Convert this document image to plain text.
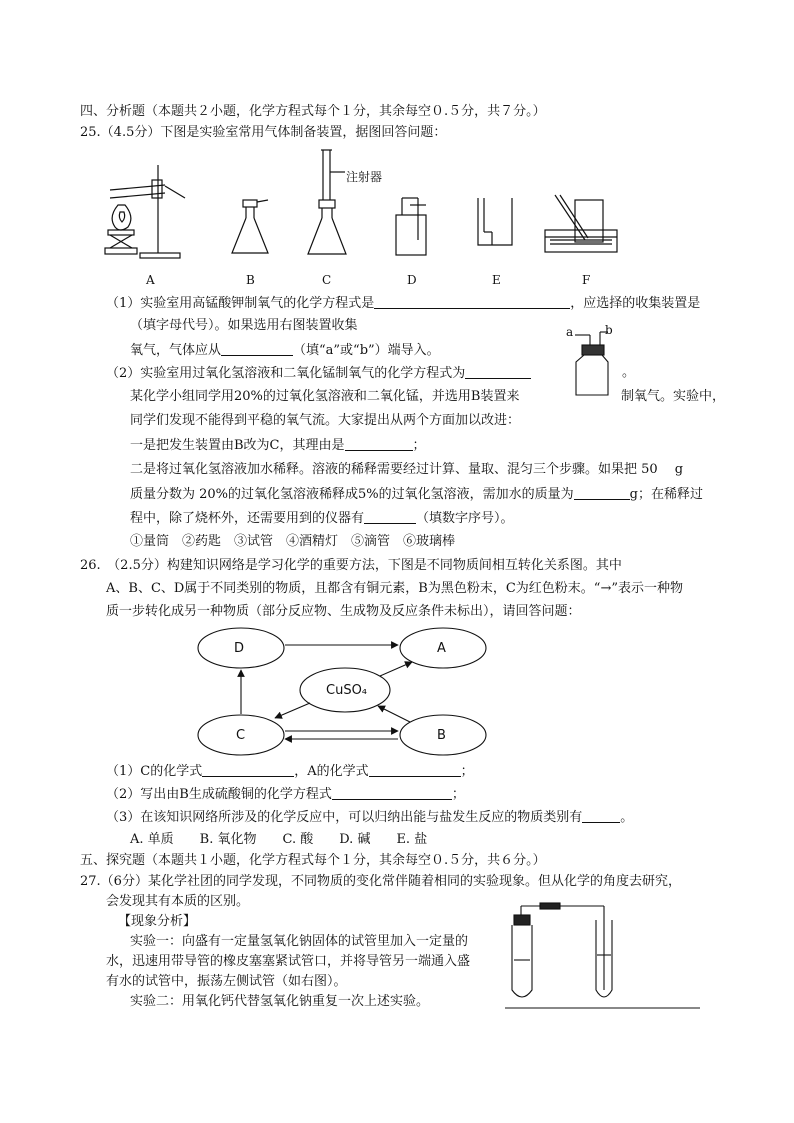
四、分析题（本题共２小题，化学方程式每个１分，其余每空０.５分，共７分。）
25.（4.5分）下图是实验室常用气体制备装置，据图回答问题：
注射器
A	B	C	D	E	F
（1）实验室用高锰酸钾制氧气的化学方程式是	，应选择的收集装置是
（填字母代号）。如果选用右图装置收集
氧气，气体应从	（填“a”或“b”）端导入。
a	b
（2）实验室用过氧化氢溶液和二氧化锰制氧气的化学方程式为	。
某化学小组同学用20%的过氧化氢溶液和二氧化锰，并选用B装置来	制氧气。实验中，
同学们发现不能得到平稳的氧气流。大家提出从两个方面加以改进：
一是把发生装置由B改为C，其理由是	；
二是将过氧化氢溶液加水稀释。溶液的稀释需要经过计算、量取、混匀三个步骤。如果把 50　 g
质量分数为 20%的过氧化氢溶液稀释成5%的过氧化氢溶液，需加水的质量为	g；在稀释过
程中，除了烧杯外，还需要用到的仪器有	（填数字序号）。
①量筒　②药匙　③试管　④酒精灯　⑤滴管　⑥玻璃棒
26.　（2.5分）构建知识网络是学习化学的重要方法，下图是不同物质间相互转化关系图。其中
A、B、C、D属于不同类别的物质，且都含有铜元素，B为黑色粉末，C为红色粉末。“→”表示一种物
质一步转化成另一种物质（部分反应物、生成物及反应条件未标出），请回答问题：
D	A
CuSO₄
C	B
（1）C的化学式	，A的化学式	；
（2）写出由B生成硫酸铜的化学方程式	；
（3）在该知识网络所涉及的化学反应中，可以归纳出能与盐发生反应的物质类别有	。
A. 单质　　B. 氧化物　　C. 酸　　D. 碱　　E. 盐
五、探究题（本题共１小题，化学方程式每个１分，其余每空０.５分，共６分。）
27.（6分）某化学社团的同学发现，不同物质的变化常伴随着相同的实验现象。但从化学的角度去研究，
会发现其有本质的区别。
【现象分析】
实验一：向盛有一定量氢氧化钠固体的试管里加入一定量的
水，迅速用带导管的橡皮塞塞紧试管口，并将导管另一端通入盛
有水的试管中，振荡左侧试管（如右图）。
实验二：用氧化钙代替氢氧化钠重复一次上述实验。
